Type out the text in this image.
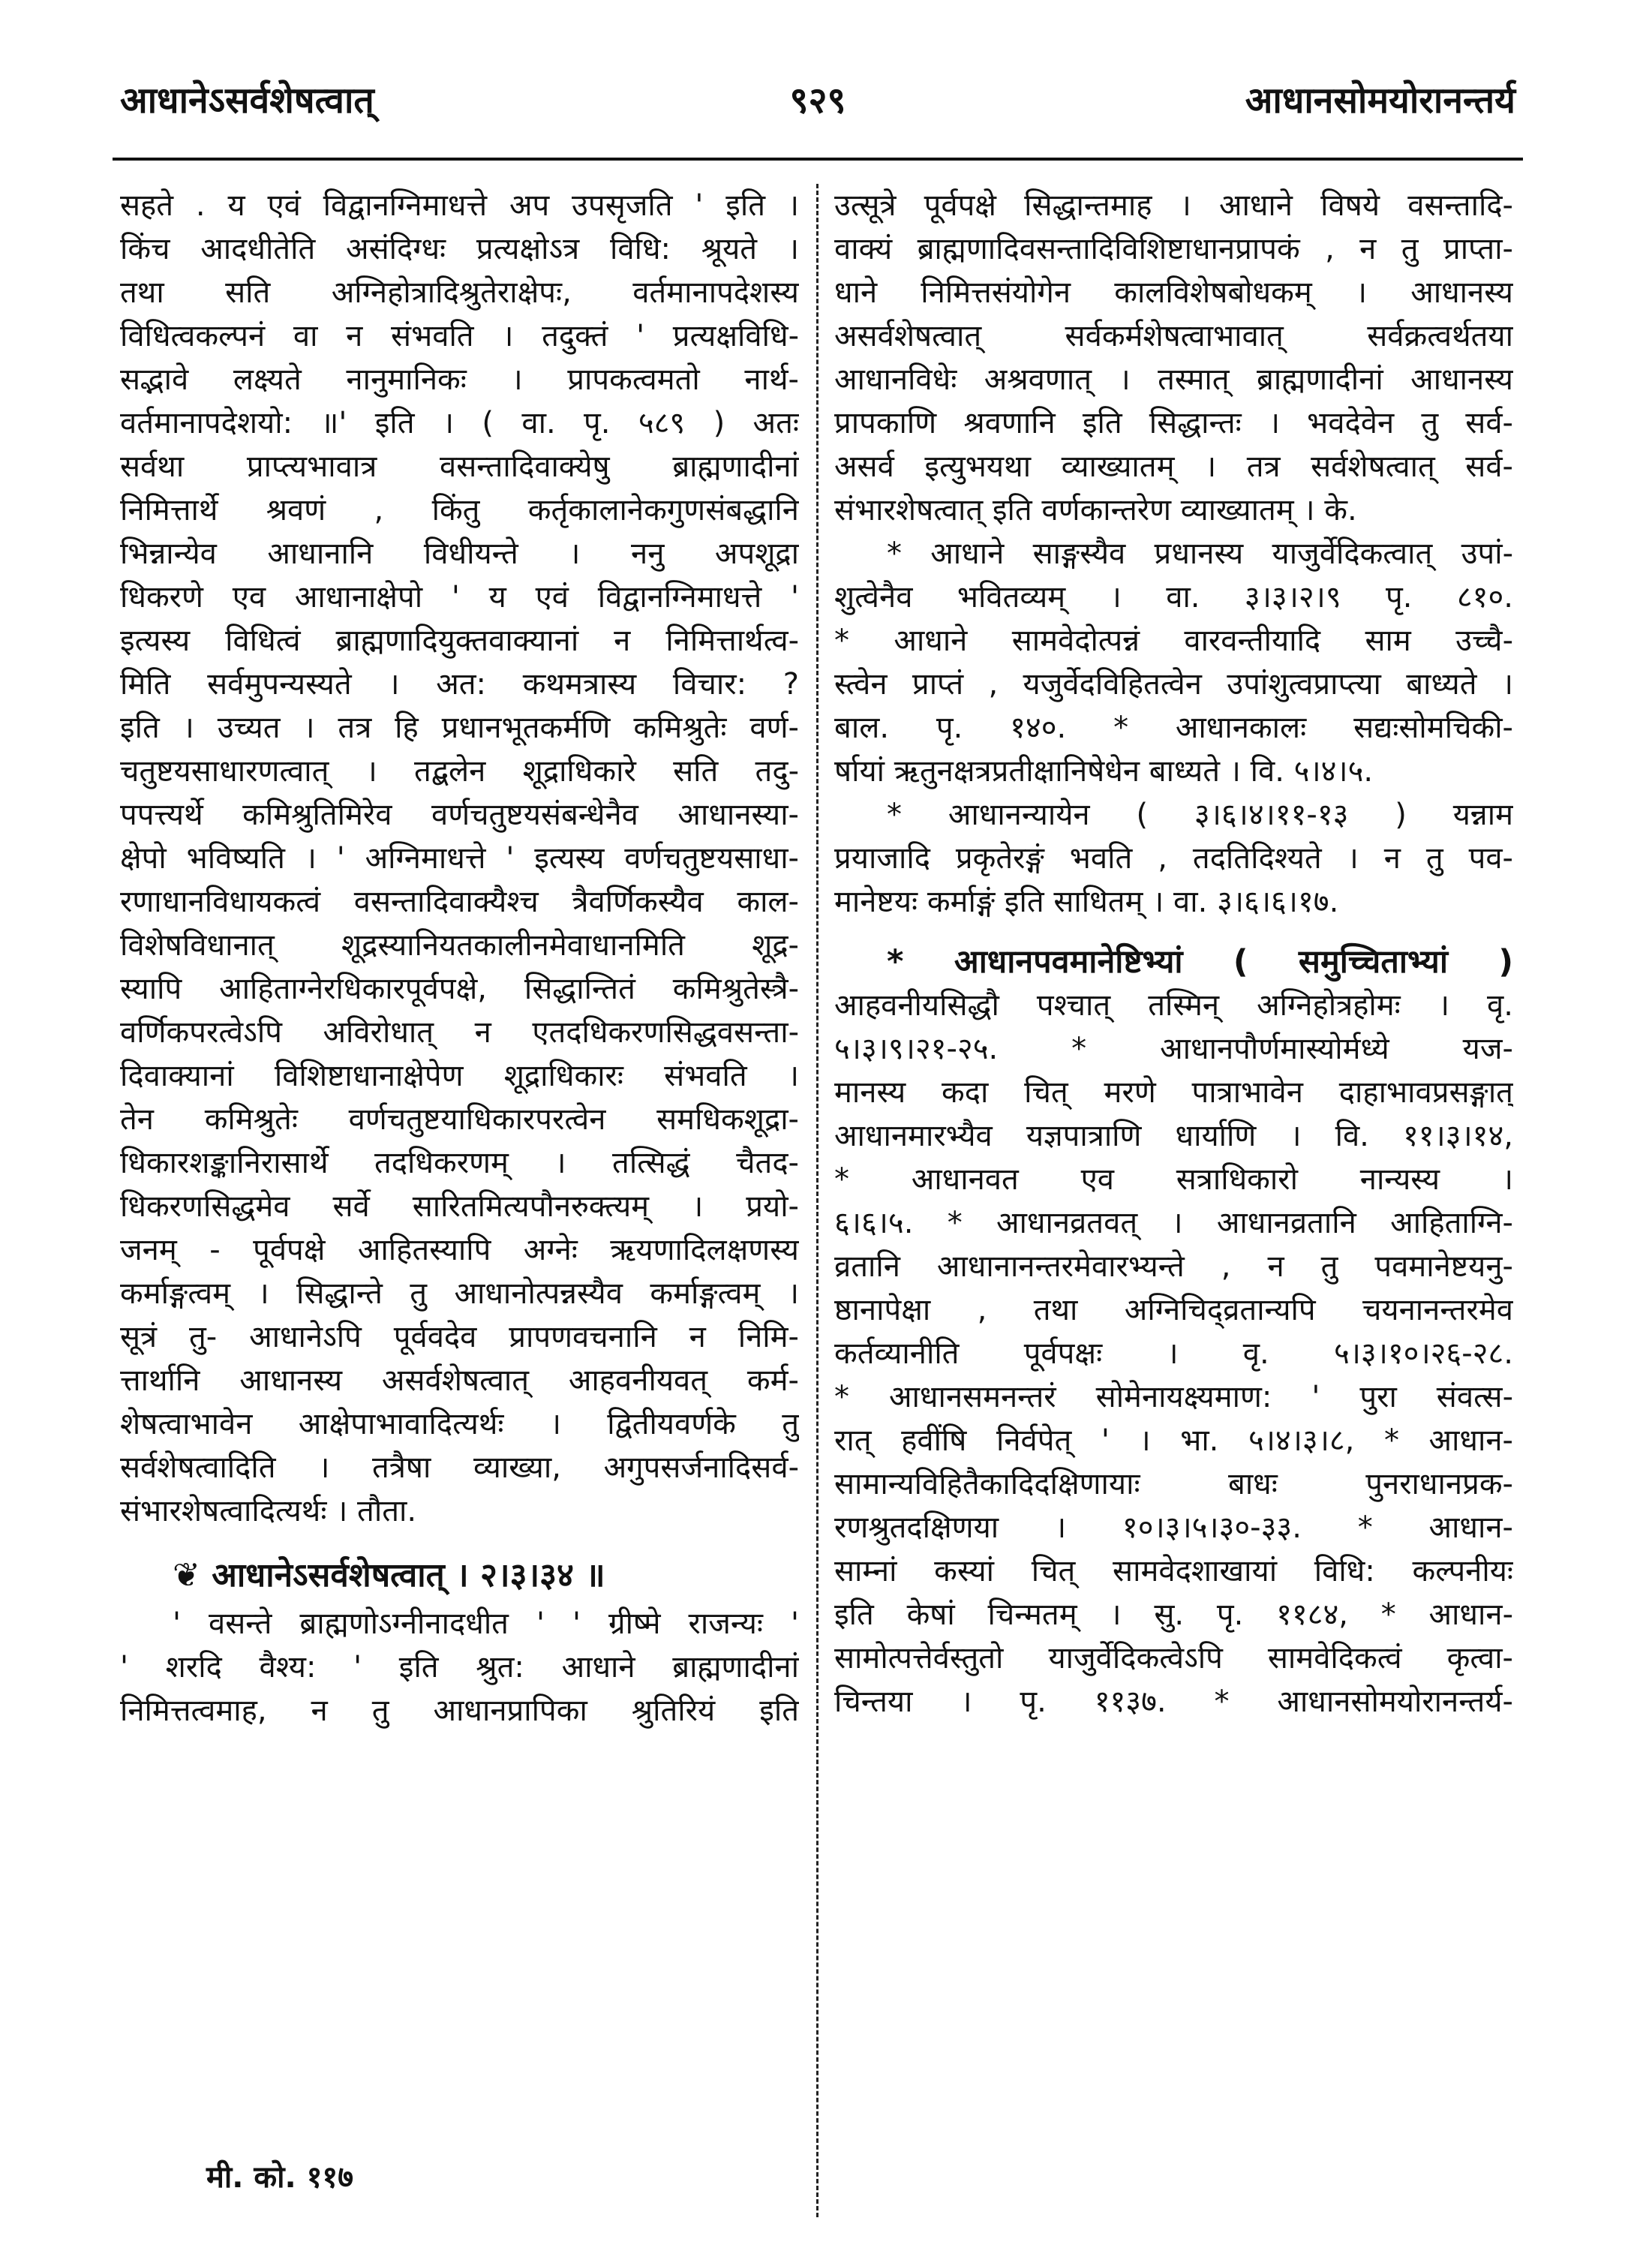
९२९
आधानेऽसर्वशेषत्वात्	आधानसोमयोरानन्तर्य
सहते . य एवं विद्वानग्निमाधत्ते अप उपसृजति ' इति ।
किंच आदधीतेति असंदिग्धः प्रत्यक्षोऽत्र विधि: श्रूयते ।
तथा सति अग्निहोत्रादिश्रुतेराक्षेपः, वर्तमानापदेशस्य
विधित्वकल्पनं वा न संभवति । तदुक्तं ' प्रत्यक्षविधि-
सद्भावे लक्ष्यते नानुमानिकः । प्रापकत्वमतो नार्थ-
वर्तमानापदेशयो: ॥' इति । ( वा. पृ. ५८९ ) अतः
सर्वथा प्राप्त्यभावात्र वसन्तादिवाक्येषु ब्राह्मणादीनां
निमित्तार्थे श्रवणं , किंतु कर्तृकालानेकगुणसंबद्धानि
भिन्नान्येव आधानानि विधीयन्ते । ननु अपशूद्रा
धिकरणे एव आधानाक्षेपो ' य एवं विद्वानग्निमाधत्ते '
इत्यस्य विधित्वं ब्राह्मणादियुक्तवाक्यानां न निमित्तार्थत्व-
मिति सर्वमुपन्यस्यते । अत: कथमत्रास्य विचार: ?
इति । उच्यत । तत्र हि प्रधानभूतकर्मणि कमिश्रुतेः वर्ण-
चतुष्टयसाधारणत्वात् । तद्बलेन शूद्राधिकारे सति तदु-
पपत्त्यर्थे कमिश्रुतिमिरेव वर्णचतुष्टयसंबन्धेनैव आधानस्या-
क्षेपो भविष्यति । ' अग्निमाधत्ते ' इत्यस्य वर्णचतुष्टयसाधा-
रणाधानविधायकत्वं वसन्तादिवाक्यैश्च त्रैवर्णिकस्यैव काल-
विशेषविधानात् शूद्रस्यानियतकालीनमेवाधानमिति शूद्र-
स्यापि आहिताग्नेरधिकारपूर्वपक्षे, सिद्धान्तितं कमिश्रुतेस्त्रै-
वर्णिकपरत्वेऽपि अविरोधात् न एतदधिकरणसिद्धवसन्ता-
दिवाक्यानां विशिष्टाधानाक्षेपेण शूद्राधिकारः संभवति ।
तेन कमिश्रुतेः वर्णचतुष्टयाधिकारपरत्वेन समधिकशूद्रा-
धिकारशङ्कानिरासार्थे तदधिकरणम् । तत्सिद्धं चैतद-
धिकरणसिद्धमेव सर्वे सारितमित्यपौनरुक्त्यम् । प्रयो-
जनम् - पूर्वपक्षे आहितस्यापि अग्नेः ऋयणादिलक्षणस्य
कर्माङ्गत्वम् । सिद्धान्ते तु आधानोत्पन्नस्यैव कर्माङ्गत्वम् ।
सूत्रं तु- आधानेऽपि पूर्ववदेव प्रापणवचनानि न निमि-
त्तार्थानि आधानस्य असर्वशेषत्वात् आहवनीयवत् कर्म-
शेषत्वाभावेन आक्षेपाभावादित्यर्थः । द्वितीयवर्णके तु
सर्वशेषत्वादिति । तत्रैषा व्याख्या, अगुपसर्जनादिसर्व-
संभारशेषत्वादित्यर्थः । तौता.
❦ आधानेऽसर्वशेषत्वात् । २।३।३४ ॥
' वसन्ते ब्राह्मणोऽग्नीनादधीत ' ' ग्रीष्मे राजन्यः '
' शरदि वैश्य: ' इति श्रुत: आधाने ब्राह्मणादीनां
निमित्तत्वमाह, न तु आधानप्रापिका श्रुतिरियं इति
उत्सूत्रे पूर्वपक्षे सिद्धान्तमाह । आधाने विषये वसन्तादि-
वाक्यं ब्राह्मणादिवसन्तादिविशिष्टाधानप्रापकं , न तु प्राप्ता-
धाने निमित्तसंयोगेन कालविशेषबोधकम् । आधानस्य
असर्वशेषत्वात् सर्वकर्मशेषत्वाभावात् सर्वक्रत्वर्थतया
आधानविधेः अश्रवणात् । तस्मात् ब्राह्मणादीनां आधानस्य
प्रापकाणि श्रवणानि इति सिद्धान्तः । भवदेवेन तु सर्व-
असर्व इत्युभयथा व्याख्यातम् । तत्र सर्वशेषत्वात् सर्व-
संभारशेषत्वात् इति वर्णकान्तरेण व्याख्यातम् । के.
* आधाने साङ्गस्यैव प्रधानस्य याजुर्वेदिकत्वात् उपां-
शुत्वेनैव भवितव्यम् । वा. ३।३।२।९ पृ. ८१०.
* आधाने सामवेदोत्पन्नं वारवन्तीयादि साम उच्चै-
स्त्वेन प्राप्तं , यजुर्वेदविहितत्वेन उपांशुत्वप्राप्त्या बाध्यते ।
बाल. पृ. १४०. * आधानकालः सद्यःसोमचिकी-
र्षायां ऋतुनक्षत्रप्रतीक्षानिषेधेन बाध्यते । वि. ५।४।५.
* आधानन्यायेन ( ३।६।४।११-१३ ) यन्नाम
प्रयाजादि प्रकृतेरङ्गं भवति , तदतिदिश्यते । न तु पव-
मानेष्टयः कर्माङ्गं इति साधितम् । वा. ३।६।६।१७.
* आधानपवमानेष्टिभ्यां ( समुच्चिताभ्यां )
आहवनीयसिद्धौ पश्चात् तस्मिन् अग्निहोत्रहोमः । वृ.
५।३।९।२१-२५. * आधानपौर्णमास्योर्मध्ये यज-
मानस्य कदा चित् मरणे पात्राभावेन दाहाभावप्रसङ्गात्
आधानमारभ्यैव यज्ञपात्राणि धार्याणि । वि. ११।३।१४,
* आधानवत एव सत्राधिकारो नान्यस्य ।
६।६।५. * आधानव्रतवत् । आधानव्रतानि आहिताग्नि-
व्रतानि आधानानन्तरमेवारभ्यन्ते , न तु पवमानेष्टयनु-
ष्ठानापेक्षा , तथा अग्निचिद्व्रतान्यपि चयनानन्तरमेव
कर्तव्यानीति पूर्वपक्षः । वृ. ५।३।१०।२६-२८.
* आधानसमनन्तरं सोमेनायक्ष्यमाण: ' पुरा संवत्स-
रात् हवींषि निर्वपेत् ' । भा. ५।४।३।८, * आधान-
सामान्यविहितैकादिदक्षिणायाः बाधः पुनराधानप्रक-
रणश्रुतदक्षिणया । १०।३।५।३०-३३. * आधान-
साम्नां कस्यां चित् सामवेदशाखायां विधि: कल्पनीयः
इति केषां चिन्मतम् । सु. पृ. ११८४, * आधान-
सामोत्पत्तेर्वस्तुतो याजुर्वेदिकत्वेऽपि सामवेदिकत्वं कृत्वा-
चिन्तया । पृ. ११३७. * आधानसोमयोरानन्तर्य-
मी. को. ११७
